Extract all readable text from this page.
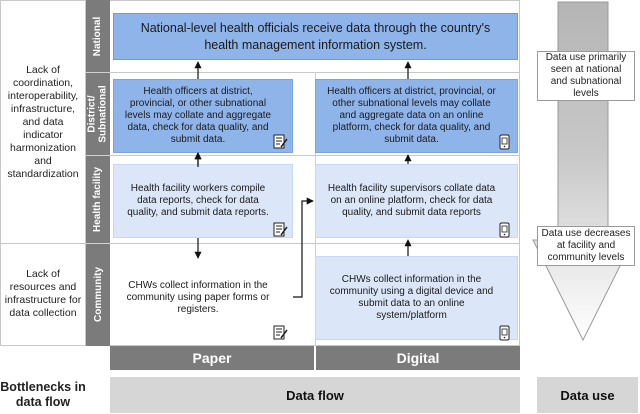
Lack of coordination, interoperability, infrastructure, and data indicator harmonization and standardization
Lack of resources and infrastructure for data collection
National
District/ Subnational
Health facility
Community
National-level health officials receive data through the country's health management information system.
Health officers at district, provincial, or other subnational levels may collate and aggregate data, check for data quality, and submit data.
Health officers at district, provincial, or other subnational levels may collate and aggregate data on an online platform, check for data quality, and submit data.
Health facility workers compile data reports, check for data quality, and submit data reports.
Health facility supervisors collate data on an online platform, check for data quality, and submit data reports
CHWs collect information in the community using paper forms or registers.
CHWs collect information in the community using a digital device and submit data to an online system/platform
Paper	Digital
Bottlenecks in data flow	Data flow	Data use
Data use primarily seen at national and subnational levels
Data use decreases at facility and community levels
